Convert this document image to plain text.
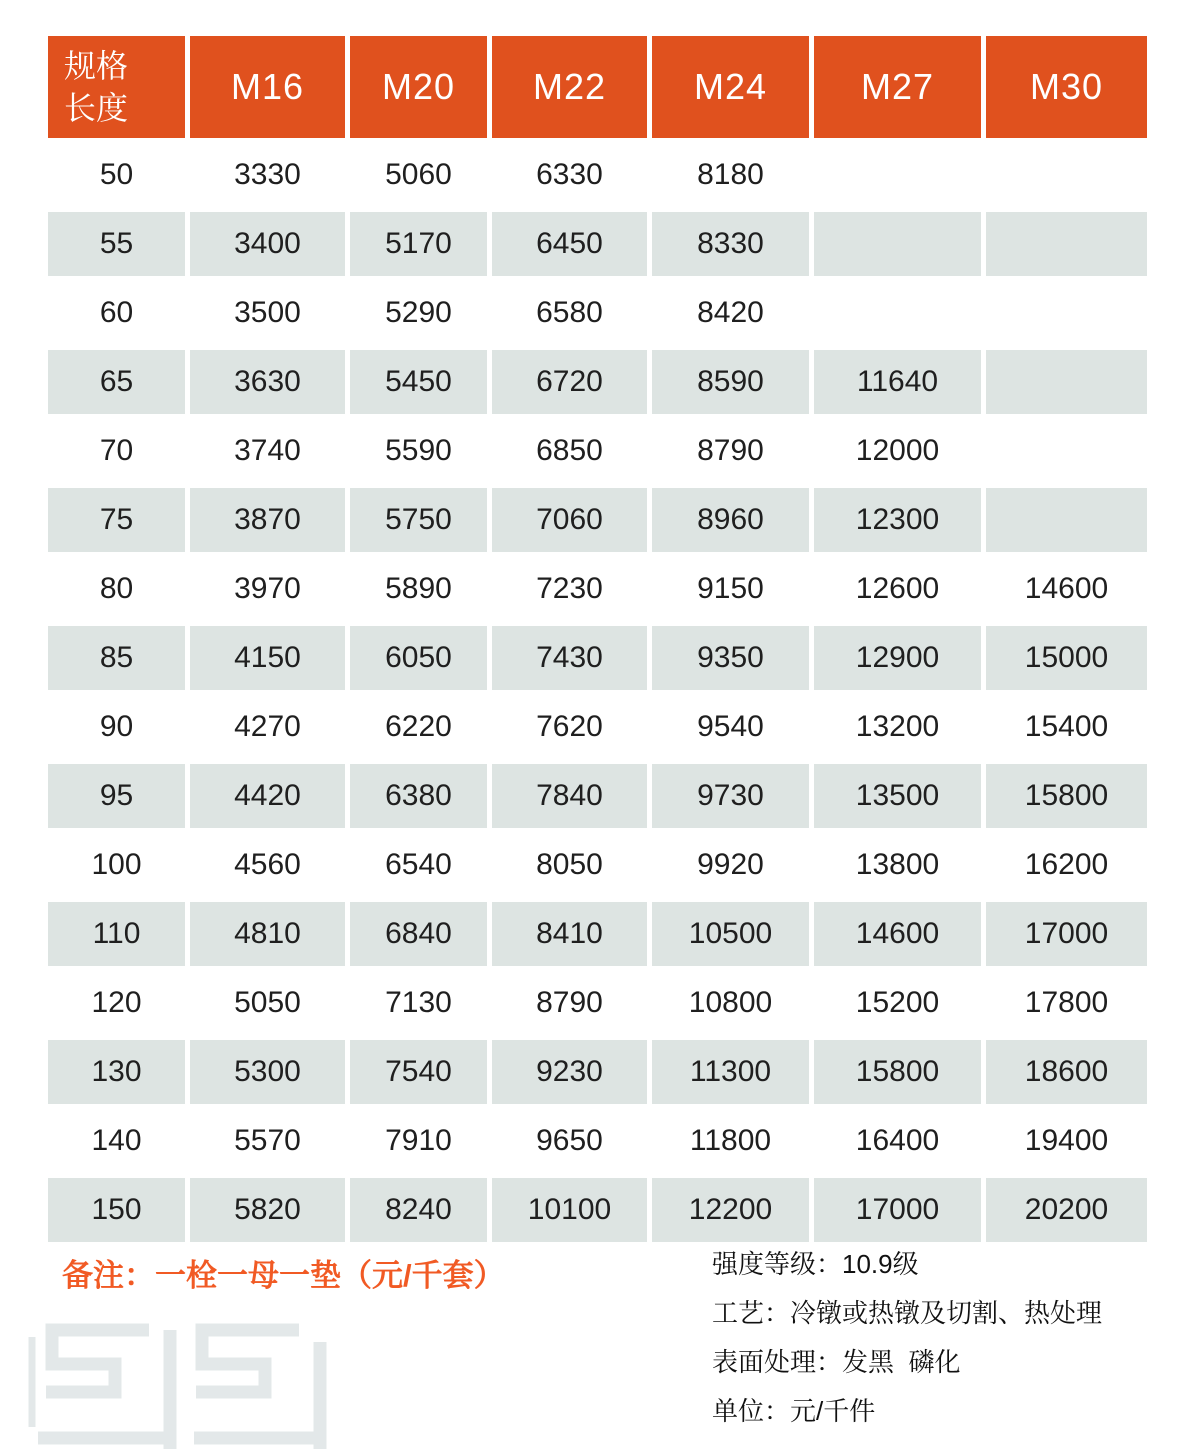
规格
长度	M16	M20	M22	M24	M27	M30
50	3330	5060	6330	8180		
55	3400	5170	6450	8330		
60	3500	5290	6580	8420		
65	3630	5450	6720	8590	11640	
70	3740	5590	6850	8790	12000	
75	3870	5750	7060	8960	12300	
80	3970	5890	7230	9150	12600	14600
85	4150	6050	7430	9350	12900	15000
90	4270	6220	7620	9540	13200	15400
95	4420	6380	7840	9730	13500	15800
100	4560	6540	8050	9920	13800	16200
110	4810	6840	8410	10500	14600	17000
120	5050	7130	8790	10800	15200	17800
130	5300	7540	9230	11300	15800	18600
140	5570	7910	9650	11800	16400	19400
150	5820	8240	10100	12200	17000	20200
备注：一栓一母一垫（元/千套）	强度等级：10.9级
工艺：冷镦或热镦及切割、热处理
表面处理：发黑  磷化
单位：元/千件
